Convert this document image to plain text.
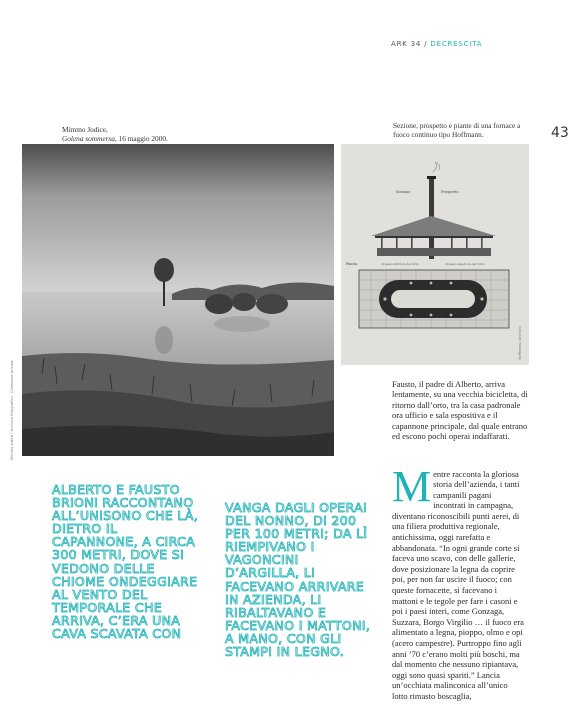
ARK 34 / DECRESCITA
43
Mimmo Jodice,
Golena sommersa, 16 maggio 2000.
Sezione, prospetto e piante di una fornace a fuoco continuo tipo Hoffmann.
Mimmo Jodice / Archivio fotografico · Collezione privata
Sezione	Prospetto
Pianta	di piano inferiore del forno	di piano superiore del forno
Hoffmann / Archivio

Fausto, il padre di Alberto, arriva lentamente, su una vecchia bicicletta, di ritorno dall’orto, tra la casa padronale ora ufficio e sala espositiva e il capannone principale, dal quale entrano ed escono pochi operai indaffarati.

Mentre racconta la gloriosa storia dell’azienda, i tanti campanili pagani incontrati in campagna, diventano riconoscibili punti aerei, di una filiera produttiva regionale, antichissima, oggi rarefatta e abbandonata. “In ogni grande corte si faceva uno scavo, con delle gallerie, dove posizionare la legna da coprire poi, per non far uscire il fuoco; con queste fornacette, si facevano i mattoni e le tegole per fare i casoni e poi i paesi interi, come Gonzaga, Suzzara, Borgo Virgilio … il fuoco era alimentato a legna, pioppo, olmo e opi (acero campestre). Purtroppo fino agli anni ’70 c’erano molti più boschi, ma dal momento che nessuno ripiantava, oggi sono quasi spariti.” Lancia un’occhiata malinconica all’unico lotto rimasto boscaglia,

ALBERTO E FAUSTO BRIONI RACCONTANO ALL’UNISONO CHE LÀ, DIETRO IL CAPANNONE, A CIRCA 300 METRI, DOVE SI VEDONO DELLE CHIOME ONDEGGIARE AL VENTO DEL TEMPORALE CHE ARRIVA, C’ERA UNA CAVA SCAVATA CON
VANGA DAGLI OPERAI DEL NONNO, DI 200 PER 100 METRI; DA LÌ RIEMPIVANO I VAGONCINI D’ARGILLA, LI FACEVANO ARRIVARE IN AZIENDA, LI RIBALTAVANO E FACEVANO I MATTONI, A MANO, CON GLI STAMPI IN LEGNO.
